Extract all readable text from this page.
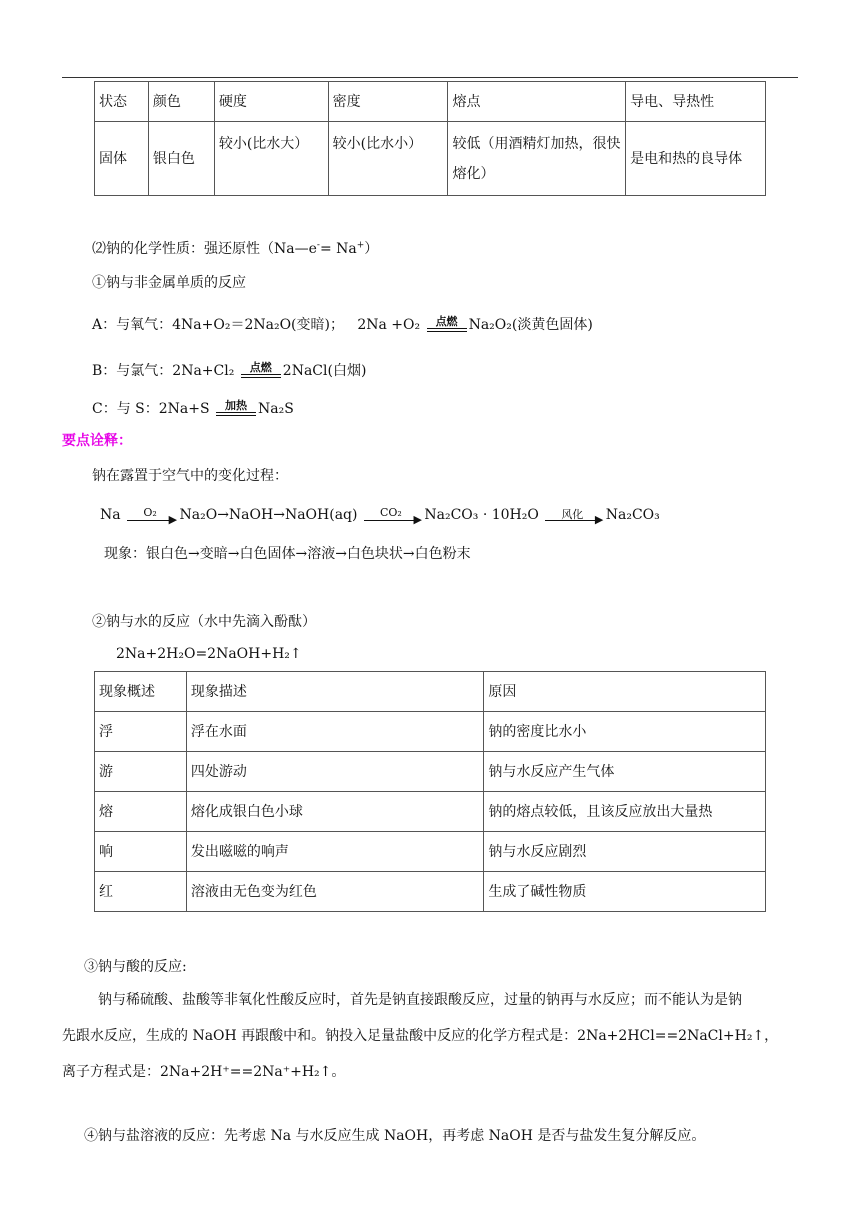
状态	颜色	硬度	密度	熔点	导电、导热性
固体	银白色	较小(比水大）	较小(比水小）	较低（用酒精灯加热，很快熔化）	是电和热的良导体
⑵钠的化学性质：强还原性（Na—e-= Na+）
①钠与非金属单质的反应
A：与氧气：4Na+O₂＝2Na₂O(变暗)； 2Na +O₂	点燃 Na₂O₂(淡黄色固体)
B：与氯气：2Na+Cl₂	点燃 2NaCl(白烟)
C：与 S：2Na+S	加热 Na₂S
要点诠释：
钠在露置于空气中的变化过程：
Na	O₂
▶ Na₂O→NaOH→NaOH(aq)	CO₂
▶ Na₂CO₃ · 10H₂O	风化	▶ Na₂CO₃
现象：银白色→变暗→白色固体→溶液→白色块状→白色粉末
②钠与水的反应（水中先滴入酚酞）
2Na+2H₂O=2NaOH+H₂↑
现象概述	现象描述	原因
浮	浮在水面	钠的密度比水小
游	四处游动	钠与水反应产生气体
熔	熔化成银白色小球	钠的熔点较低，且该反应放出大量热
响	发出嗞嗞的响声	钠与水反应剧烈
红	溶液由无色变为红色	生成了碱性物质
③钠与酸的反应:
钠与稀硫酸、盐酸等非氧化性酸反应时，首先是钠直接跟酸反应，过量的钠再与水反应；而不能认为是钠
先跟水反应，生成的 NaOH 再跟酸中和。钠投入足量盐酸中反应的化学方程式是：2Na+2HCl==2NaCl+H₂↑，
离子方程式是：2Na+2H⁺==2Na⁺+H₂↑。
④钠与盐溶液的反应：先考虑 Na 与水反应生成 NaOH，再考虑 NaOH 是否与盐发生复分解反应。
